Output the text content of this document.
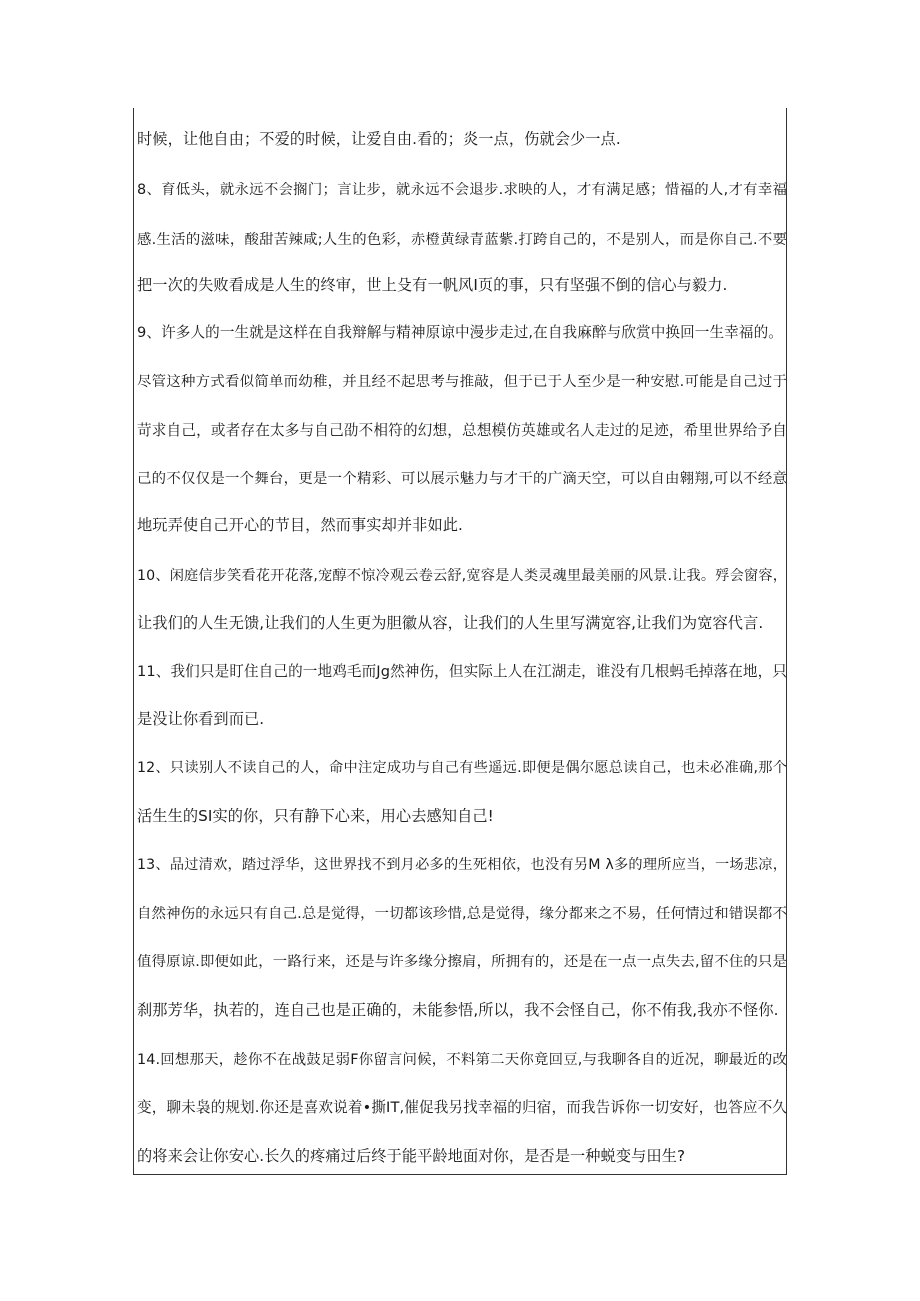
时候，让他自由；不爱的时候，让爱自由.看的；炎一点，伤就会少一点.
8、育低头，就永远不会搁门；言让步，就永远不会退步.求映的人，才有满足感；惜福的人,才有幸福
感.生活的滋味，酸甜苦辣咸;人生的色彩，赤橙黄绿青蓝紫.打跨自己的，不是别人，而是你自己.不要
把一次的失败看成是人生的终审，世上殳有一帆风I页的事，只有坚强不倒的信心与毅力.
9、许多人的一生就是这样在自我辩解与精神原谅中漫步走过,在自我麻醉与欣赏中换回一生幸福的。
尽管这种方式看似简单而幼稚，并且经不起思考与推敲，但于已于人至少是一种安慰.可能是自己过于
苛求自己，或者存在太多与自己劭不相符的幻想，总想模仿英雄或名人走过的足迹，希里世界给予自
己的不仅仅是一个舞台，更是一个精彩、可以展示魅力与才干的广滴天空，可以自由翱翔,可以不经意
地玩弄使自己开心的节目，然而事实却并非如此.
10、闲庭信步笑看花开花落,宠醇不惊冷观云卷云舒,宽容是人类灵魂里最美丽的风景.让我。殍会窗容，
让我们的人生无馈,让我们的人生更为胆徽从容，让我们的人生里写满宽容,让我们为宽容代言.
11、我们只是盯住自己的一地鸡毛而Jg然神伤，但实际上人在江湖走，谁没有几根蚂毛掉落在地，只
是没让你看到而已.
12、只读别人不读自己的人，命中注定成功与自己有些遥远.即便是偶尔愿总读自己，也未必准确,那个
活生生的SI实的你，只有静下心来，用心去感知自己!
13、品过清欢，踏过浮华，这世界找不到月必多的生死相依，也没有另M λ多的理所应当，一场悲凉，
自然神伤的永远只有自己.总是觉得，一切都该珍惜,总是觉得，缘分都来之不易，任何情过和错误都不
值得原谅.即便如此，一路行来，还是与许多缘分擦肩，所拥有的，还是在一点一点失去,留不住的只是
刹那芳华，执若的，连自己也是正确的，未能参悟,所以，我不会怪自己，你不侑我,我亦不怪你.
14.回想那天，趁你不在战鼓足弱F你留言问候，不料第二天你竟回豆,与我聊各自的近况，聊最近的改
变，聊未袅的规划.你还是喜欢说着•撕IT,催促我另找幸福的归宿，而我告诉你一切安好，也答应不久
的将来会让你安心.长久的疼痛过后终于能平龄地面对你，是否是一种蜕变与田生?
